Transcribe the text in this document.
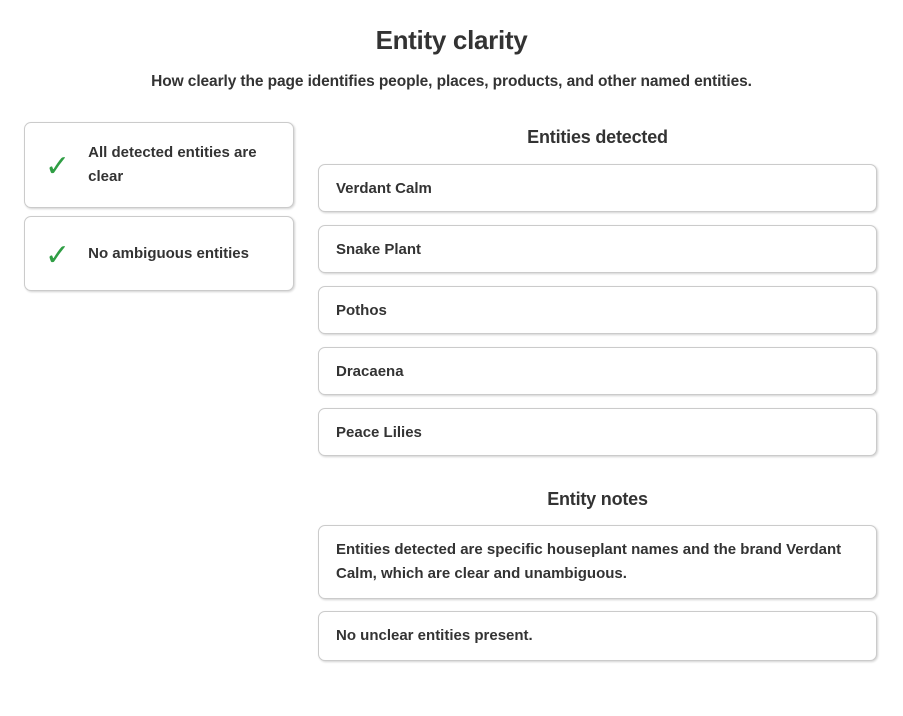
Entity clarity

How clearly the page identifies people, places, products, and other named entities.

✓ All detected entities are clear
✓ No ambiguous entities
Entities detected
Verdant Calm
Snake Plant
Pothos
Dracaena
Peace Lilies
Entity notes
Entities detected are specific houseplant names and the brand Verdant Calm, which are clear and unambiguous.
No unclear entities present.
